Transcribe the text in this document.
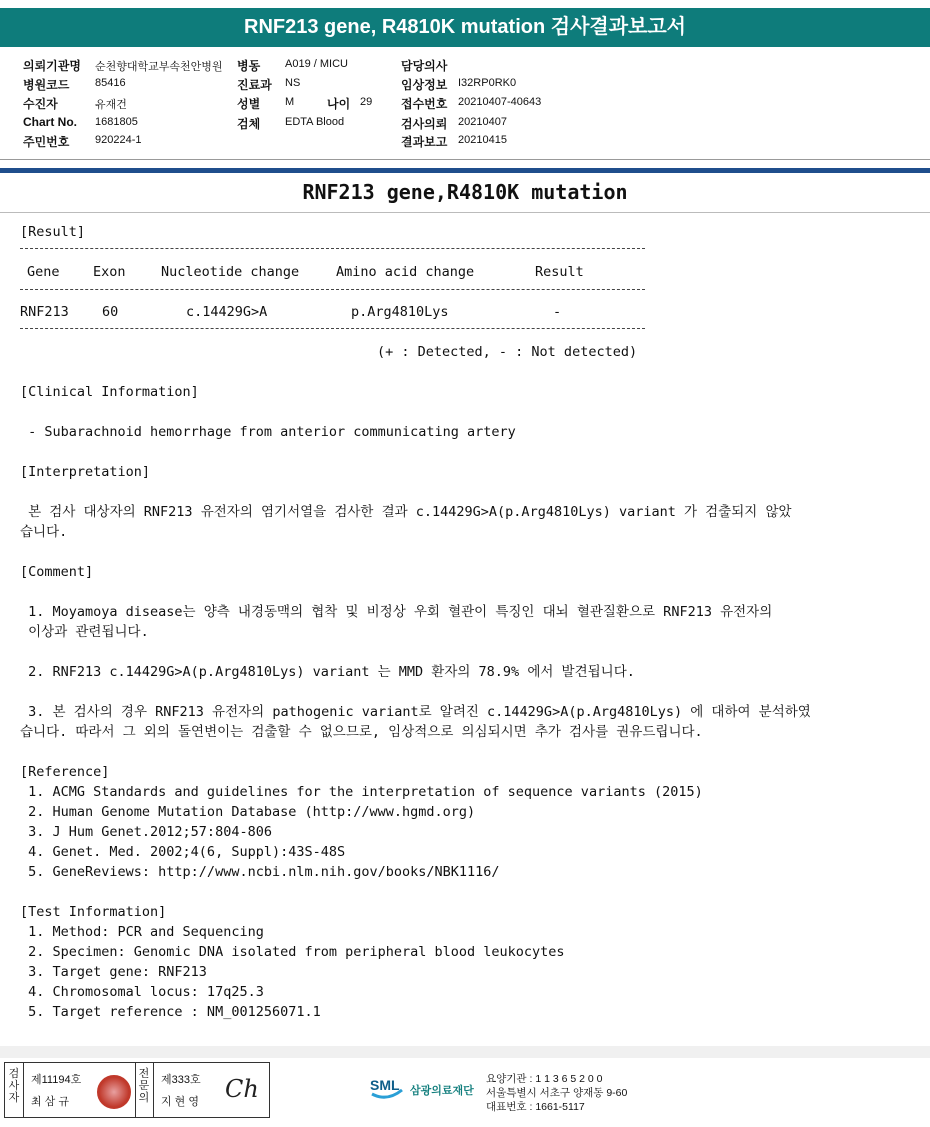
RNF213 gene, R4810K mutation 검사결과보고서
의뢰기관명 순천향대학교부속천안병원
병원코드 85416
수진자	유재건
Chart No. 1681805
주민번호 920224-1
병동 A019 / MICU
진료과 NS
성별 M	나이 29
검체 EDTA Blood
담당의사
임상정보 I32RP0RK0
접수번호 20210407-40643
검사의뢰 20210407
결과보고 20210415
RNF213 gene,R4810K mutation
[Result]
Gene Exon	Nucleotide change	Amino acid change	Result
RNF213 60	c.14429G>A	p.Arg4810Lys	-
(+ : Detected, - : Not detected)
[Clinical Information]
- Subarachnoid hemorrhage from anterior communicating artery
[Interpretation]
본 검사 대상자의 RNF213 유전자의 염기서열을 검사한 결과 c.14429G>A(p.Arg4810Lys) variant 가 검출되지 않았
습니다.
[Comment]
1. Moyamoya disease는 양측 내경동맥의 협착 및 비정상 우회 혈관이 특징인 대뇌 혈관질환으로 RNF213 유전자의
이상과 관련됩니다.
2. RNF213 c.14429G>A(p.Arg4810Lys) variant 는 MMD 환자의 78.9% 에서 발견됩니다.
3. 본 검사의 경우 RNF213 유전자의 pathogenic variant로 알려진 c.14429G>A(p.Arg4810Lys) 에 대하여 분석하였
습니다. 따라서 그 외의 돌연변이는 검출할 수 없으므로, 임상적으로 의심되시면 추가 검사를 권유드립니다.
[Reference]
1. ACMG Standards and guidelines for the interpretation of sequence variants (2015)
2. Human Genome Mutation Database (http://www.hgmd.org)
3. J Hum Genet.2012;57:804-806
4. Genet. Med. 2002;4(6, Suppl):43S-48S
5. GeneReviews: http://www.ncbi.nlm.nih.gov/books/NBK1116/
[Test Information]
1. Method: PCR and Sequencing
2. Specimen: Genomic DNA isolated from peripheral blood leukocytes
3. Target gene: RNF213
4. Chromosomal locus: 17q25.3
5. Target reference : NM_001256071.1
검사자
제11194호
최 삼 규
전문의
제333호
지 현 영 Ch	SML 삼광의료재단
요양기관 : 1 1 3 6 5 2 0 0
서울특별시 서초구 양재동 9-60
대표번호 : 1661-5117
